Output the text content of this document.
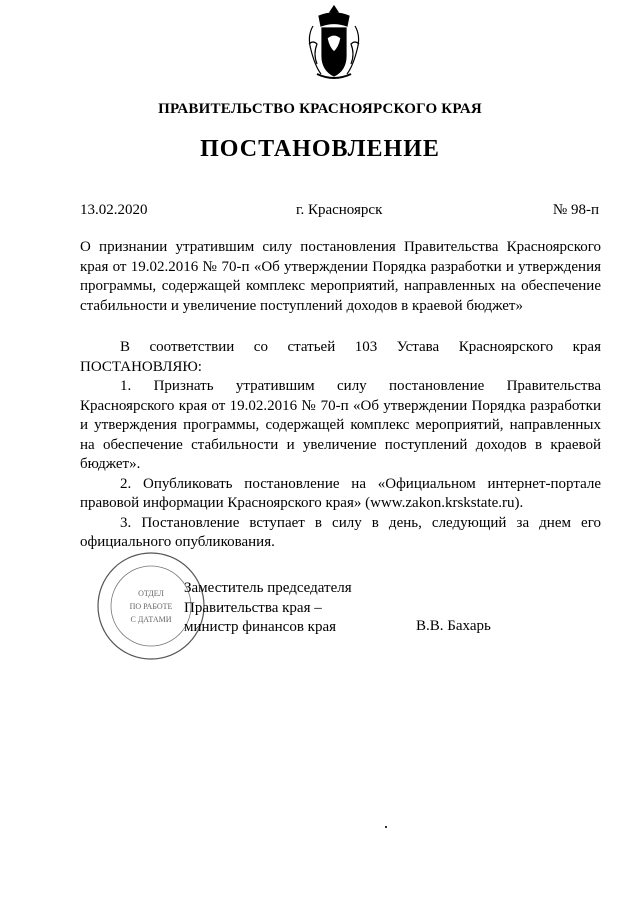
ПРАВИТЕЛЬСТВО КРАСНОЯРСКОГО КРАЯ
ПОСТАНОВЛЕНИЕ
13.02.2020	г. Красноярск	№ 98-п
О признании утратившим силу постановления Правительства Красноярского края от 19.02.2016 № 70-п «Об утверждении Порядка разработки и утверждения программы, содержащей комплекс мероприятий, направленных на обеспечение стабильности и увеличение поступлений доходов в краевой бюджет»

В соответствии со статьей 103 Устава Красноярского края

ПОСТАНОВЛЯЮ:

1. Признать утратившим силу постановление Правительства Красноярского края от 19.02.2016 № 70-п «Об утверждении Порядка разработки и утверждения программы, содержащей комплекс мероприятий, направленных на обеспечение стабильности и увеличение поступлений доходов в краевой бюджет».

2. Опубликовать постановление на «Официальном интернет-портале правовой информации Красноярского края» (www.zakon.krskstate.ru).

3. Постановление вступает в силу в день, следующий за днем его официального опубликования.

ОТДЕЛ
ПО РАБОТЕ
С ДАТАМИ
Заместитель председателя
Правительства края –
министр финансов края	В.В. Бахарь
